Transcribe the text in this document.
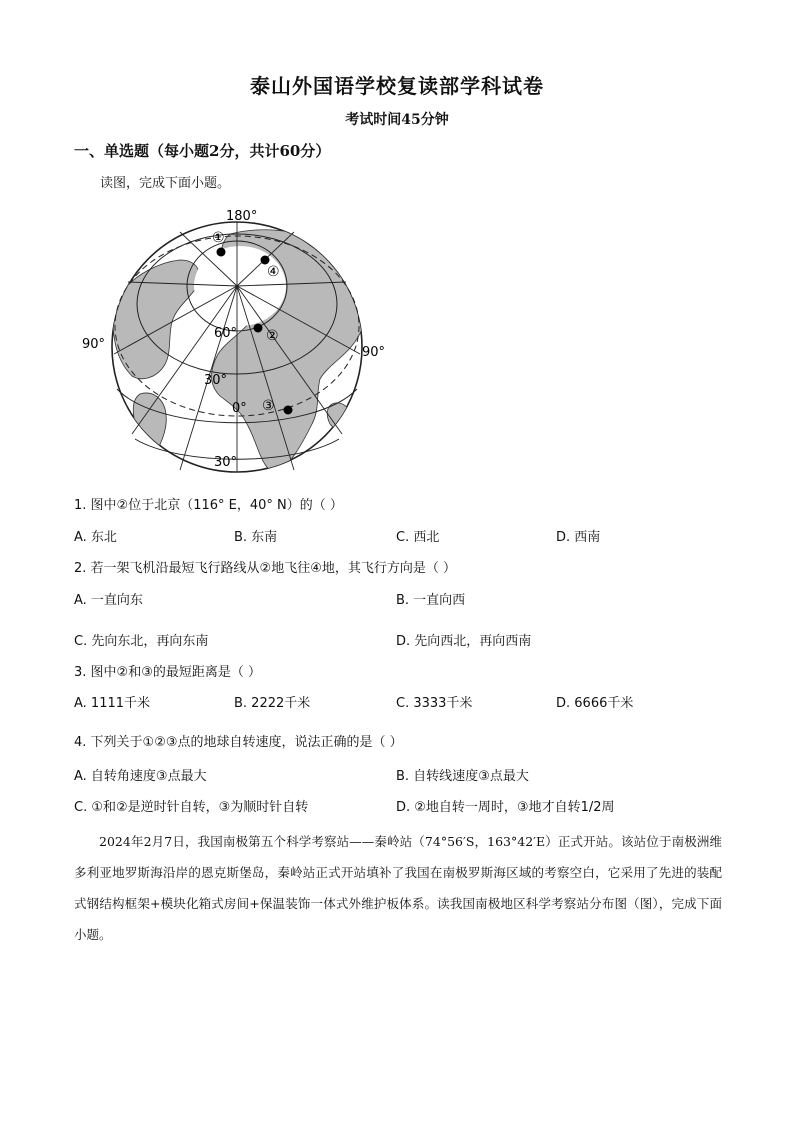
泰山外国语学校复读部学科试卷
考试时间45分钟
一、单选题（每小题2分，共计60分）
读图，完成下面小题。
180°
90°
90°
60°
30°
0°
30°
①
④
②
③
1. 图中②位于北京（116° E，40° N）的（ ）
A. 东北	B. 东南	C. 西北	D. 西南
2. 若一架飞机沿最短飞行路线从②地飞往④地，其飞行方向是（ ）
A. 一直向东	B. 一直向西
C. 先向东北，再向东南	D. 先向西北，再向西南
3. 图中②和③的最短距离是（ ）
A. 1111千米	B. 2222千米	C. 3333千米	D. 6666千米
4. 下列关于①②③点的地球自转速度，说法正确的是（ ）
A. 自转角速度③点最大	B. 自转线速度③点最大
C. ①和②是逆时针自转，③为顺时针自转	D. ②地自转一周时，③地才自转1/2周
2024年2月7日，我国南极第五个科学考察站——秦岭站（74°56′S，163°42′E）正式开站。该站位于南极洲维多利亚地罗斯海沿岸的恩克斯堡岛，秦岭站正式开站填补了我国在南极罗斯海区域的考察空白，它采用了先进的装配式钢结构框架+模块化箱式房间+保温装饰一体式外维护板体系。读我国南极地区科学考察站分布图（图），完成下面小题。
